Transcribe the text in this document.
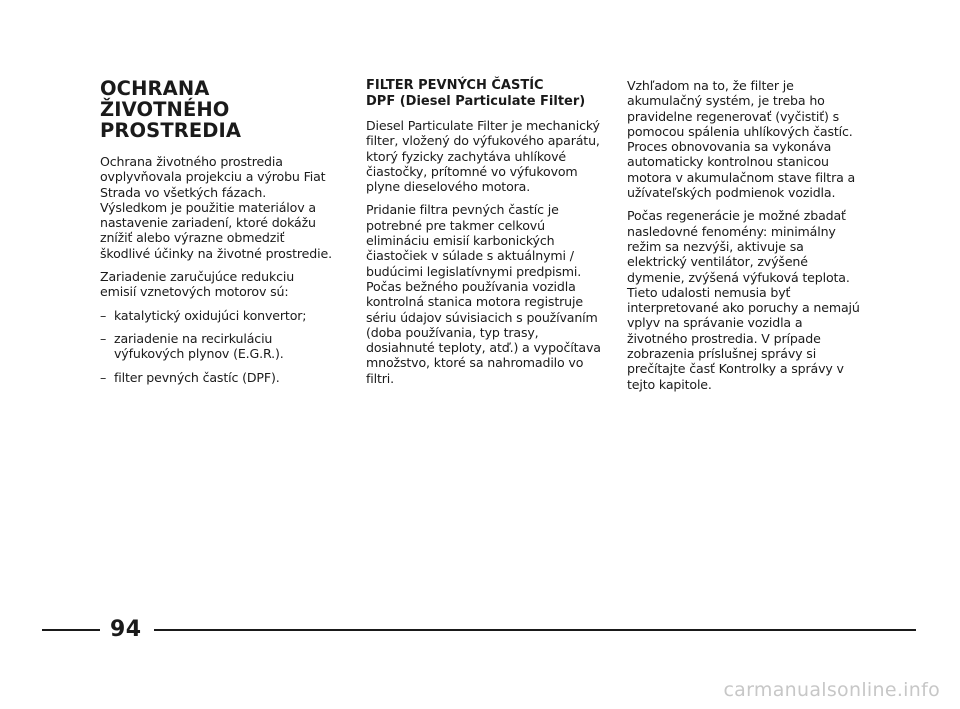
OCHRANA
ŽIVOTNÉHO
PROSTREDIA

Ochrana životného prostredia ovplyvňovala projekciu a výrobu Fiat Strada vo všetkých fázach. Výsledkom je použitie materiálov a nastavenie zariadení, ktoré dokážu znížiť alebo výrazne obmedziť škodlivé účinky na životné prostredie.

Zariadenie zaručujúce redukciu emisií vznetových motorov sú:

– katalytický oxidujúci konvertor;
– zariadenie na recirkuláciu výfukových plynov (E.G.R.).
– filter pevných častíc (DPF).
FILTER PEVNÝCH ČASTÍC
DPF (Diesel Particulate Filter)

Diesel Particulate Filter je mechanický filter, vložený do výfukového aparátu, ktorý fyzicky zachytáva uhlíkové čiastočky, prítomné vo výfukovom plyne dieselového motora.

Pridanie filtra pevných častíc je potrebné pre takmer celkovú elimináciu emisií karbonických čiastočiek v súlade s aktuálnymi / budúcimi legislatívnymi predpismi. Počas bežného používania vozidla kontrolná stanica motora registruje sériu údajov súvisiacich s používaním (doba používania, typ trasy, dosiahnuté teploty, atď.) a vypočítava množstvo, ktoré sa nahromadilo vo filtri.

Vzhľadom na to, že filter je akumulačný systém, je treba ho pravidelne regenerovať (vyčistiť) s pomocou spálenia uhlíkových častíc. Proces obnovovania sa vykonáva automaticky kontrolnou stanicou motora v akumulačnom stave filtra a užívateľských podmienok vozidla.

Počas regenerácie je možné zbadať nasledovné fenomény: minimálny režim sa nezvýši, aktivuje sa elektrický ventilátor, zvýšené dymenie, zvýšená výfuková teplota. Tieto udalosti nemusia byť interpretované ako poruchy a nemajú vplyv na správanie vozidla a životného prostredia. V prípade zobrazenia príslušnej správy si prečítajte časť Kontrolky a správy v tejto kapitole.

94
carmanualsonline.info
